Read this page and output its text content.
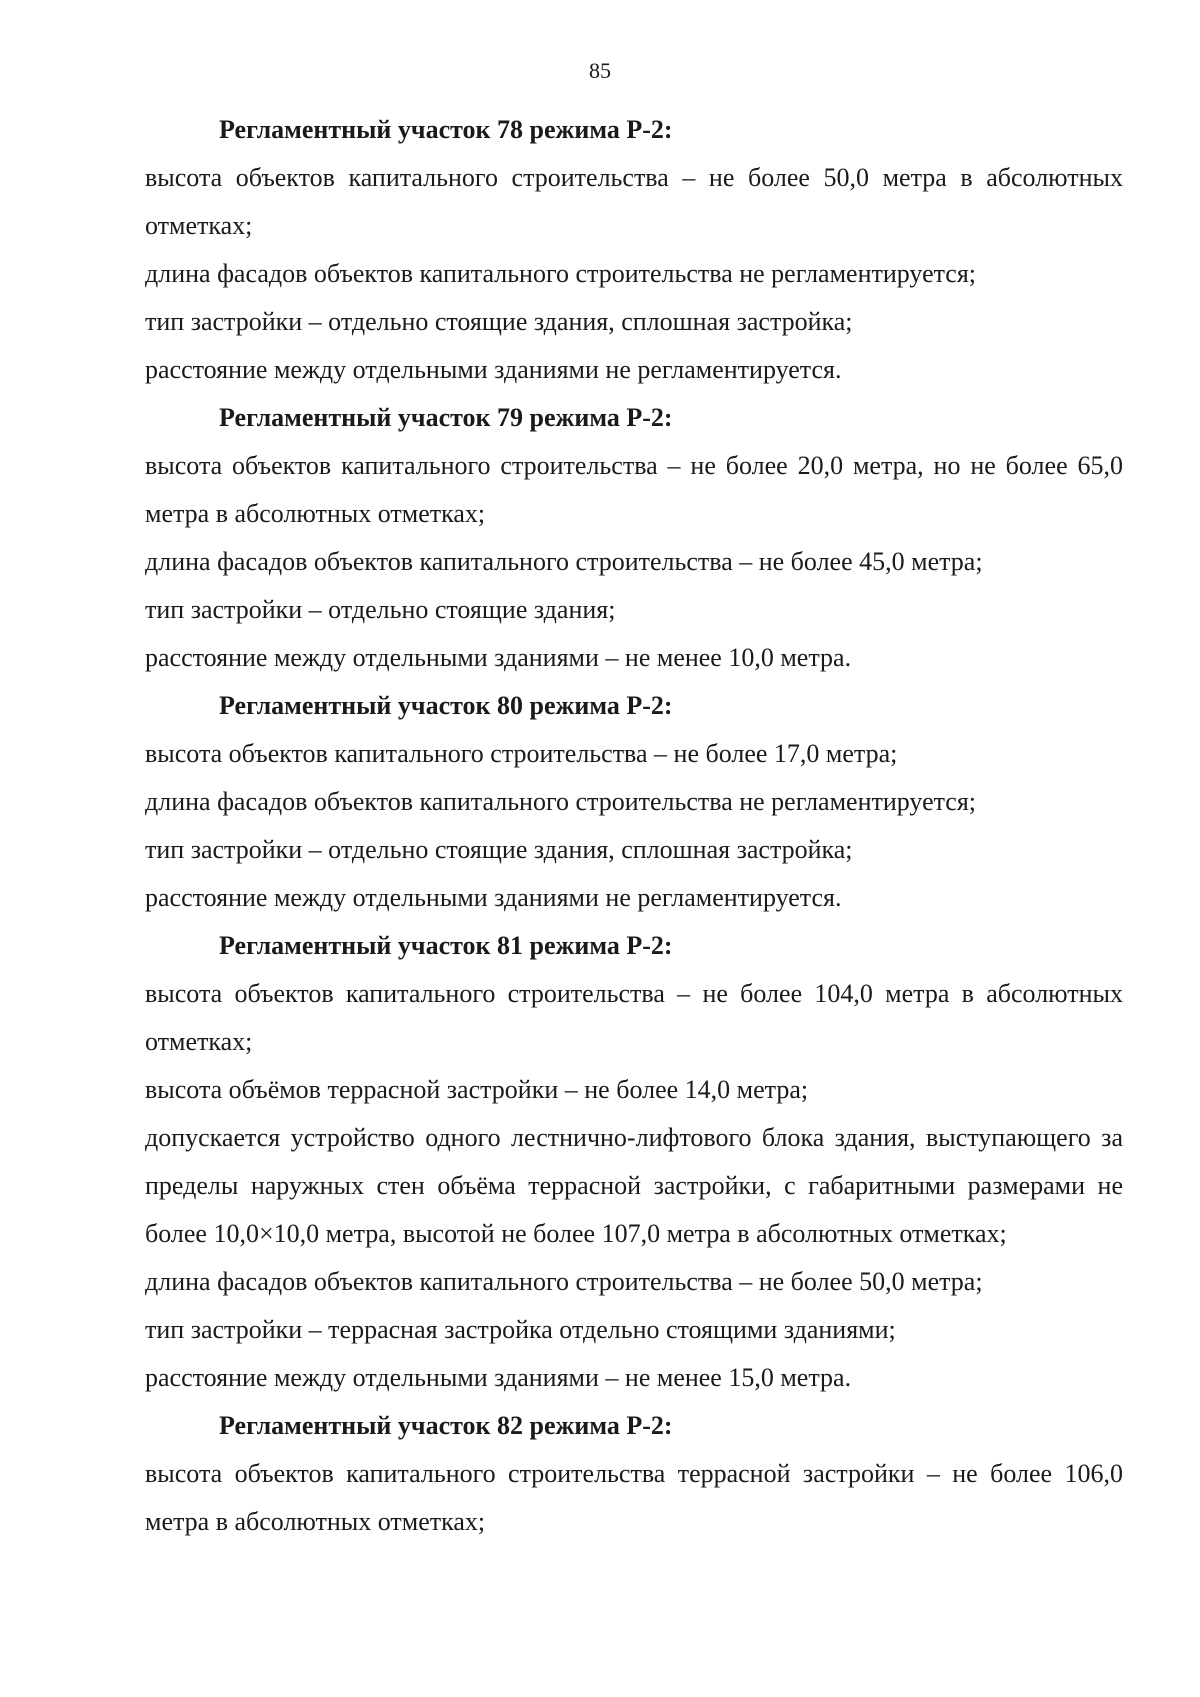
85

Регламентный участок 78 режима Р-2:

высота объектов капитального строительства – не более 50,0 метра в абсолютных отметках;

длина фасадов объектов капитального строительства не регламентируется;

тип застройки – отдельно стоящие здания, сплошная застройка;

расстояние между отдельными зданиями не регламентируется.

Регламентный участок 79 режима Р-2:

высота объектов капитального строительства – не более 20,0 метра, но не более 65,0 метра в абсолютных отметках;

длина фасадов объектов капитального строительства – не более 45,0 метра;

тип застройки – отдельно стоящие здания;

расстояние между отдельными зданиями – не менее 10,0 метра.

Регламентный участок 80 режима Р-2:

высота объектов капитального строительства – не более 17,0 метра;

длина фасадов объектов капитального строительства не регламентируется;

тип застройки – отдельно стоящие здания, сплошная застройка;

расстояние между отдельными зданиями не регламентируется.

Регламентный участок 81 режима Р-2:

высота объектов капитального строительства – не более 104,0 метра в абсолютных отметках;

высота объёмов террасной застройки – не более 14,0 метра;

допускается устройство одного лестнично-лифтового блока здания, выступающего за пределы наружных стен объёма террасной застройки, с габаритными размерами не более 10,0×10,0 метра, высотой не более 107,0 метра в абсолютных отметках;

длина фасадов объектов капитального строительства – не более 50,0 метра;

тип застройки – террасная застройка отдельно стоящими зданиями;

расстояние между отдельными зданиями – не менее 15,0 метра.

Регламентный участок 82 режима Р-2:

высота объектов капитального строительства террасной застройки – не более 106,0 метра в абсолютных отметках;
